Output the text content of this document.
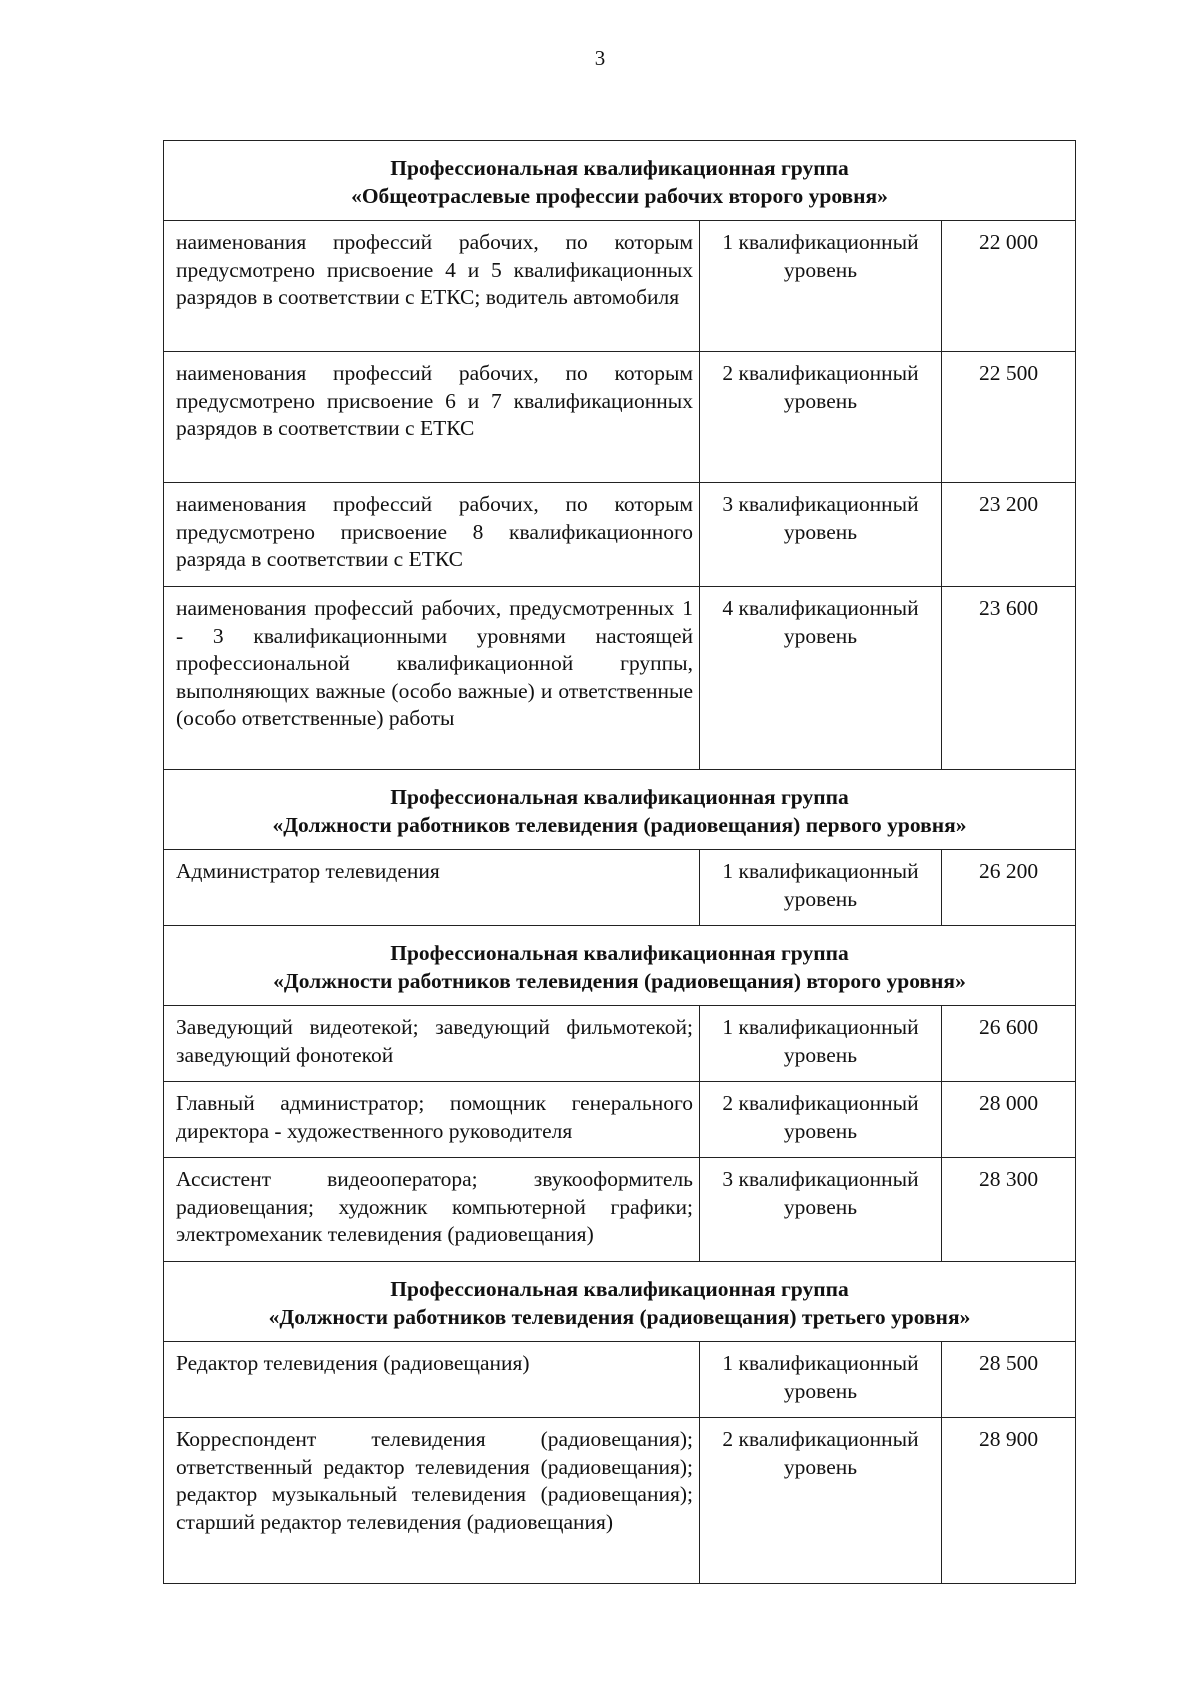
3
Профессиональная квалификационная группа
«Общеотраслевые профессии рабочих второго уровня»		

наименования профессий рабочих, по которым предусмотрено присвоение 4 и 5 квалификационных разрядов в соответствии с ЕТКС; водитель автомобиля	1 квалификационный уровень	22 000
наименования профессий рабочих, по которым предусмотрено присвоение 6 и 7 квалификационных разрядов в соответствии с ЕТКС	2 квалификационный уровень	22 500
наименования профессий рабочих, по которым предусмотрено присвоение 8 квалификационного разряда в соответствии с ЕТКС	3 квалификационный уровень	23 200
наименования профессий рабочих, предусмотренных 1 - 3 квалификационными уровнями настоящей профессиональной квалификационной группы, выполняющих важные (особо важные) и ответственные (особо ответственные) работы	4 квалификационный уровень	23 600

Профессиональная квалификационная группа
«Должности работников телевидения (радиовещания) первого уровня»		

Администратор телевидения	1 квалификационный уровень	26 200

Профессиональная квалификационная группа
«Должности работников телевидения (радиовещания) второго уровня»		

Заведующий видеотекой; заведующий фильмотекой; заведующий фонотекой	1 квалификационный уровень	26 600
Главный администратор; помощник генерального директора - художественного руководителя	2 квалификационный уровень	28 000
Ассистент видеооператора; звукооформитель радиовещания; художник компьютерной графики; электромеханик телевидения (радиовещания)	3 квалификационный уровень	28 300

Профессиональная квалификационная группа
«Должности работников телевидения (радиовещания) третьего уровня»		

Редактор телевидения (радиовещания)	1 квалификационный уровень	28 500
Корреспондент телевидения (радиовещания); ответственный редактор телевидения (радиовещания); редактор музыкальный телевидения (радиовещания); старший редактор телевидения (радиовещания)	2 квалификационный уровень	28 900
